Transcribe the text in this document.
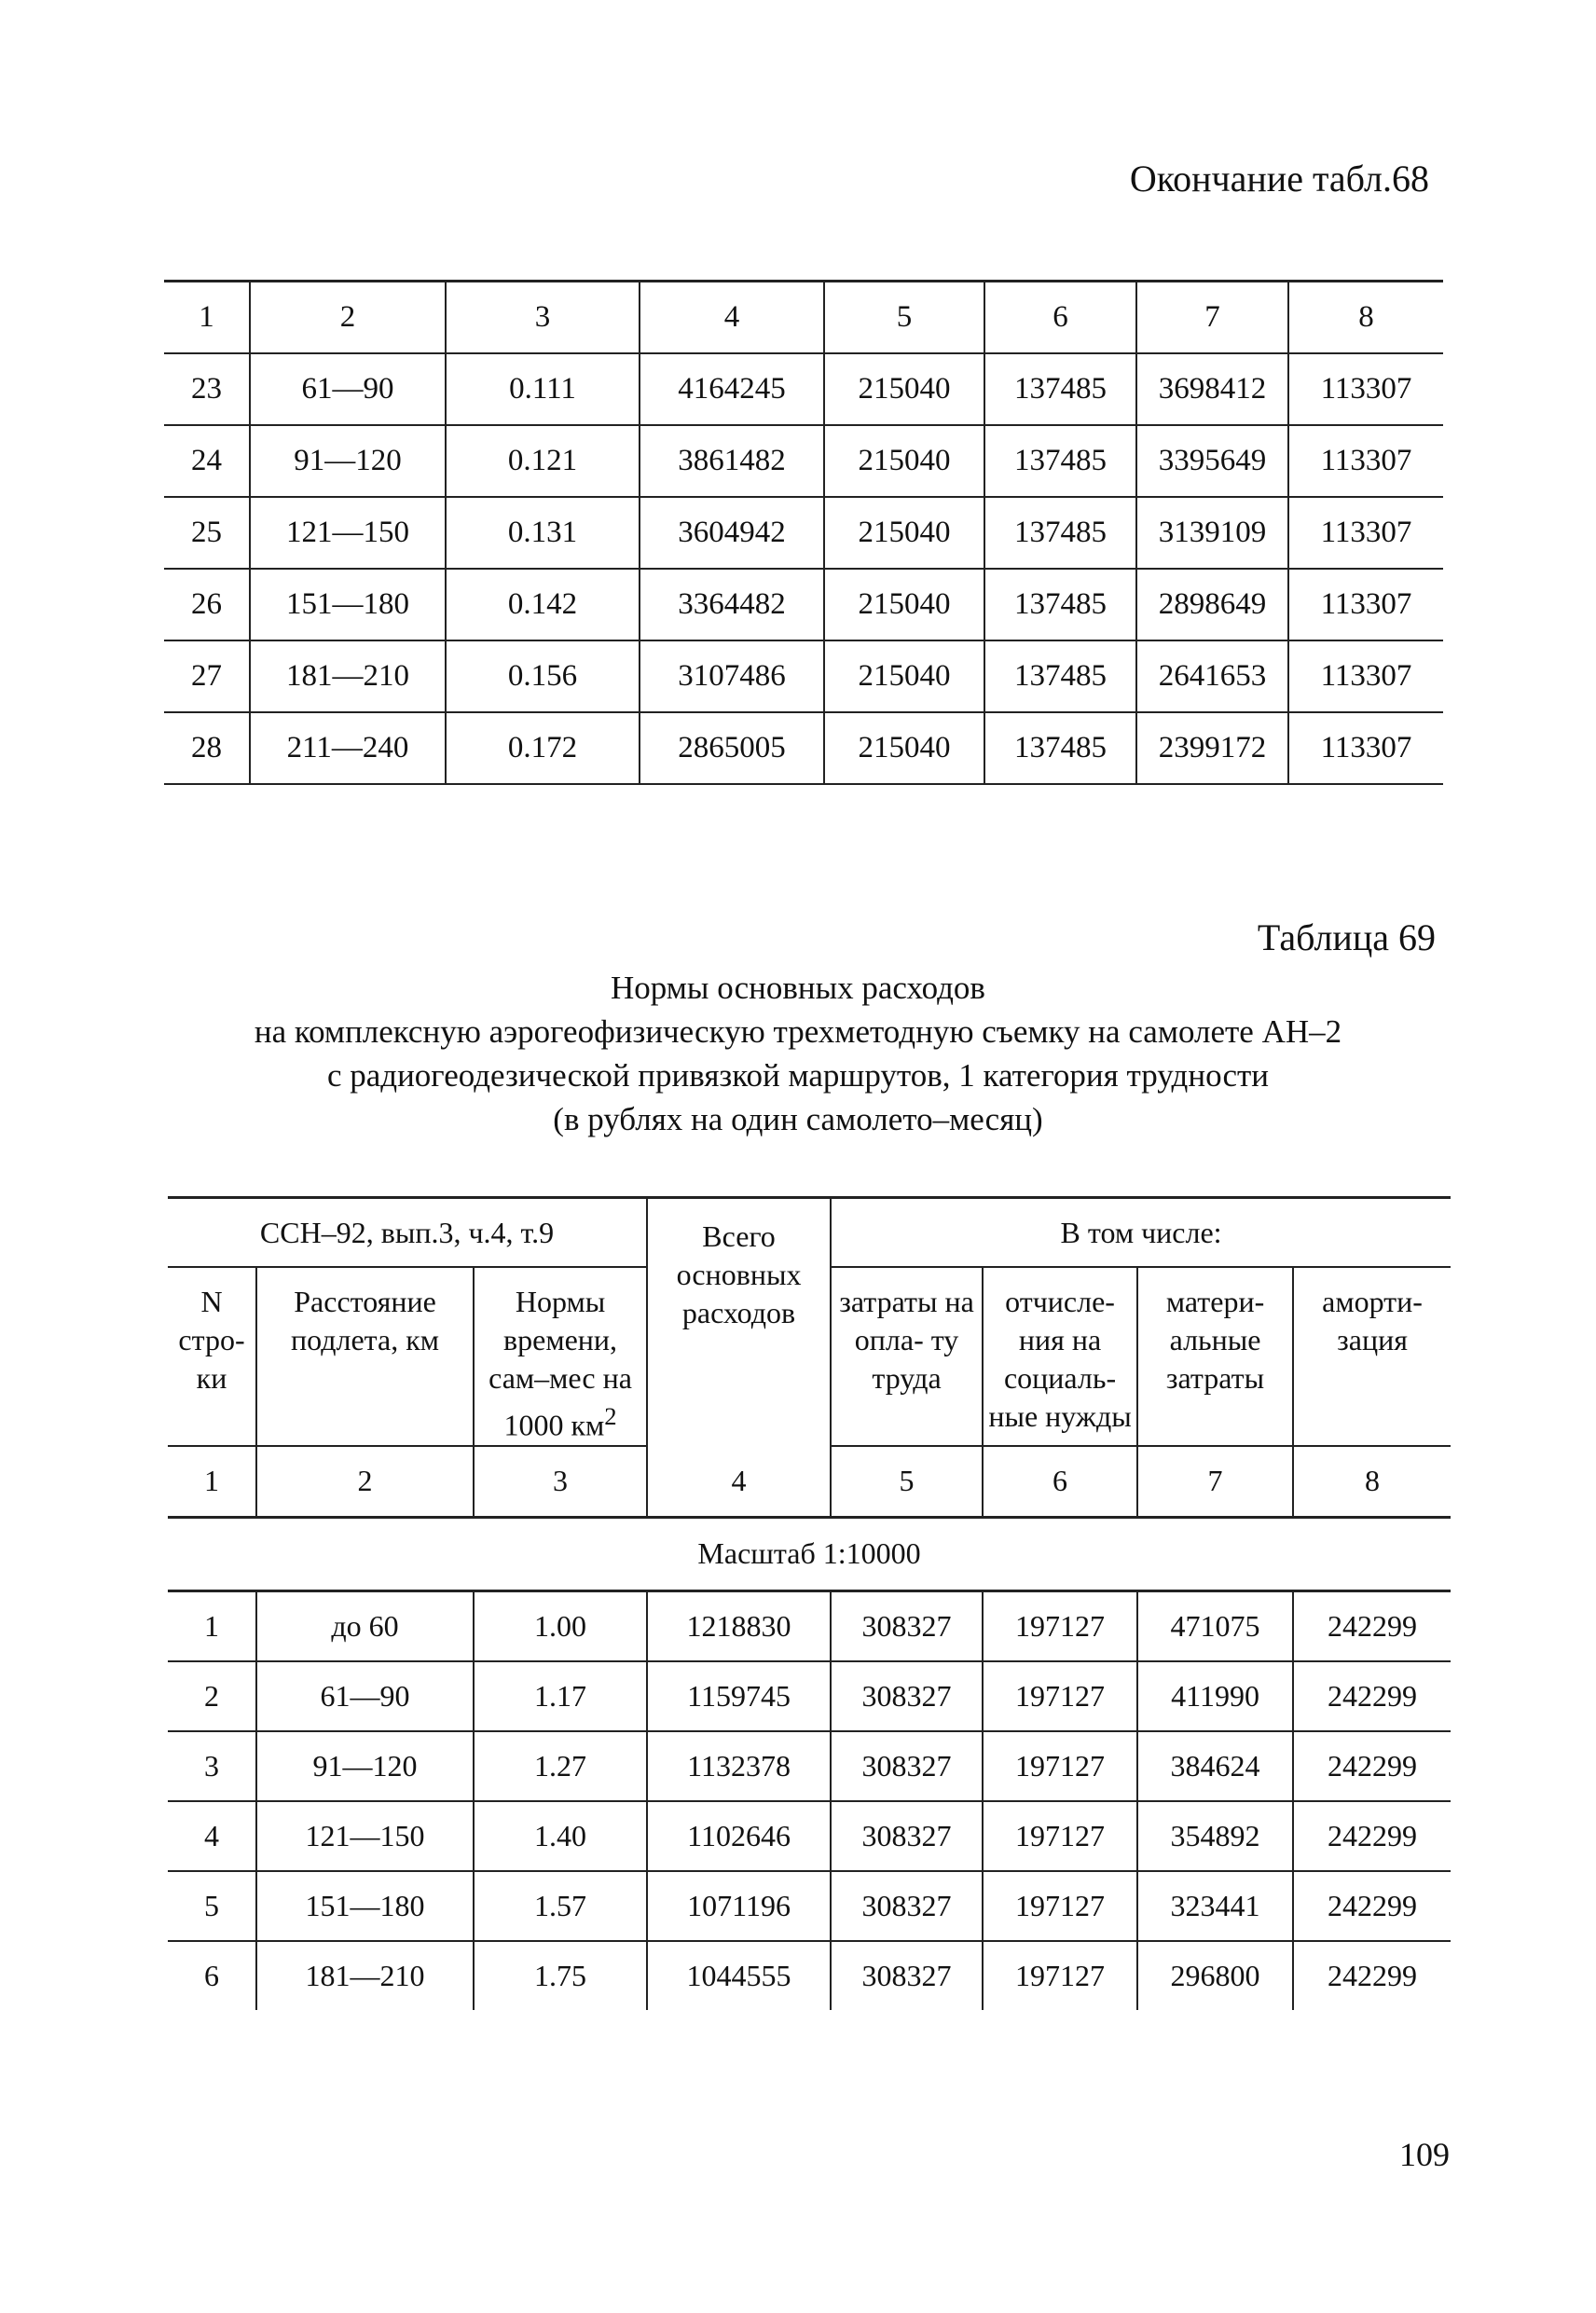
Окончание табл.68
1	2	3	4	5	6	7	8
23	61—90	0.111	4164245	215040	137485	3698412	113307
24	91—120	0.121	3861482	215040	137485	3395649	113307
25	121—150	0.131	3604942	215040	137485	3139109	113307
26	151—180	0.142	3364482	215040	137485	2898649	113307
27	181—210	0.156	3107486	215040	137485	2641653	113307
28	211—240	0.172	2865005	215040	137485	2399172	113307
Таблица 69
Нормы основных расходов
на комплексную аэрогеофизическую трехметодную съемку на самолете АН–2
с радиогеодезической привязкой маршрутов, 1 категория трудности
(в рублях на один самолето–месяц)
ССН–92, вып.3, ч.4, т.9			Всего основных расходов	В том числе:			
N стро- ки	Расстояние подлета, км	Нормы времени, сам–мес на 1000 $км^2$		затраты на опла- ту труда	отчисле- ния на социаль- ные нужды	матери- альные затраты	аморти- зация
1	2	3	4	5	6	7	8
Масштаб 1:10000							
1	до 60	1.00	1218830	308327	197127	471075	242299
2	61—90	1.17	1159745	308327	197127	411990	242299
3	91—120	1.27	1132378	308327	197127	384624	242299
4	121—150	1.40	1102646	308327	197127	354892	242299
5	151—180	1.57	1071196	308327	197127	323441	242299
6	181—210	1.75	1044555	308327	197127	296800	242299
109
